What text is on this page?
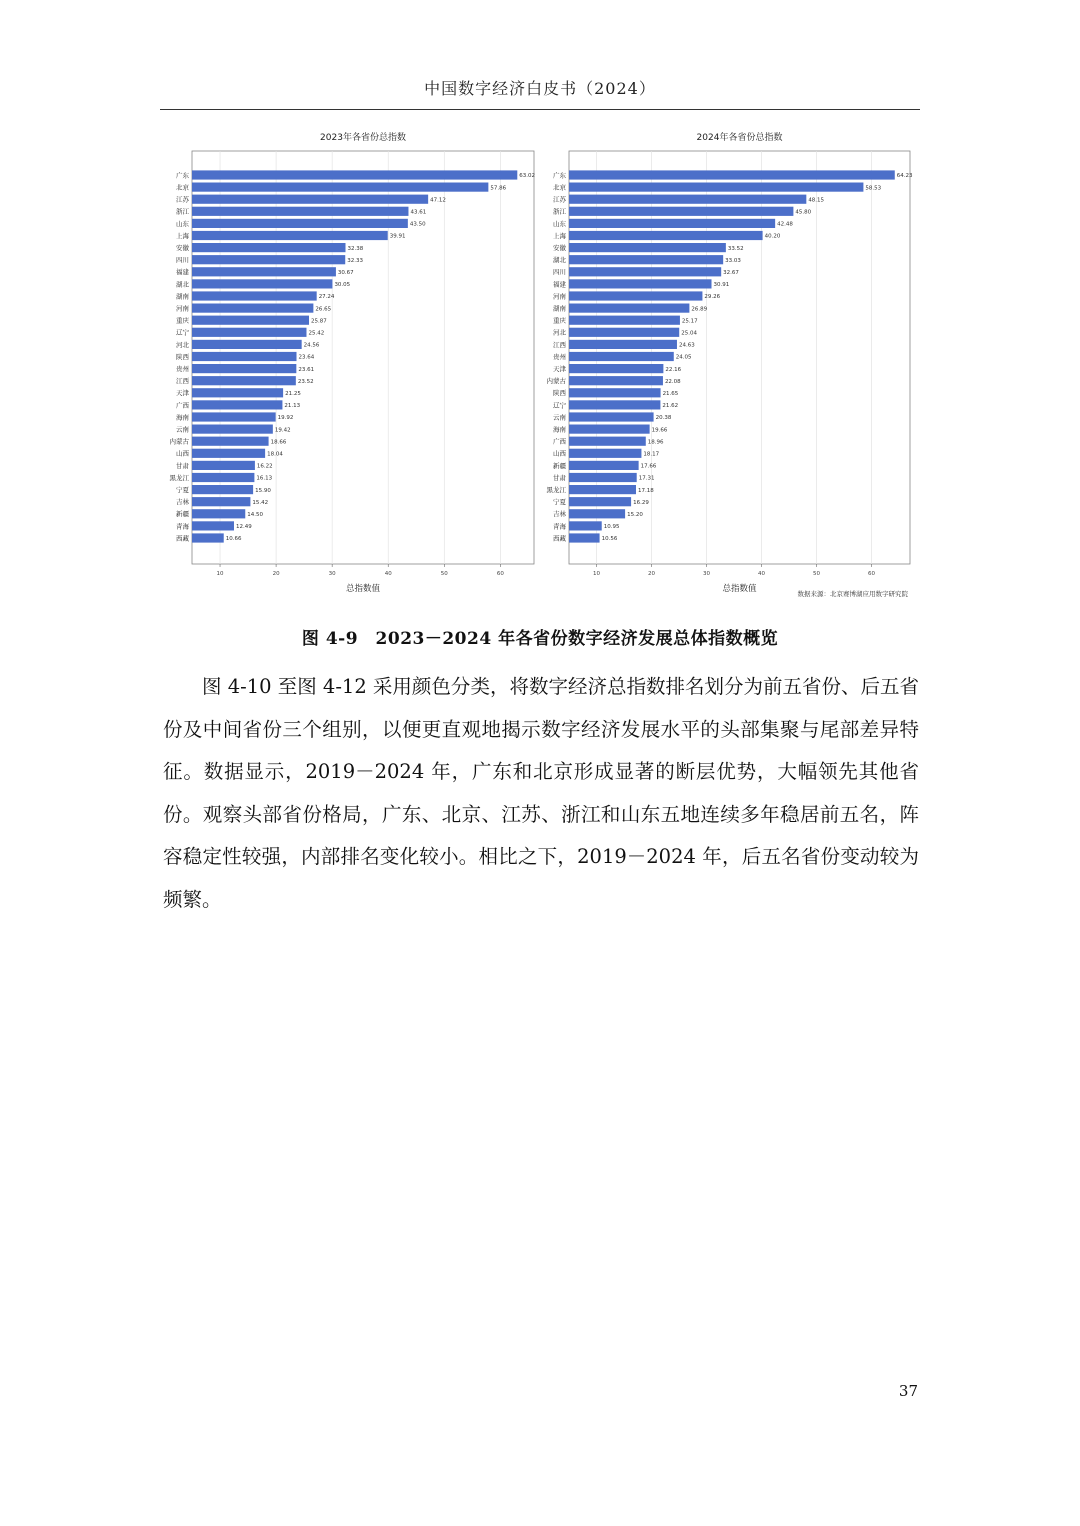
中国数字经济白皮书（2024）
2023年各省份总指数
10	20	30	40	50	60
广东	63.02
北京	57.86
江苏	47.12
浙江	43.61
山东	43.50
上海	39.91
安徽	32.38
四川	32.33
福建	30.67
湖北	30.05
湖南	27.24
河南	26.65
重庆	25.87
辽宁	25.42
河北	24.56
陕西	23.64
贵州	23.61
江西	23.52
天津	21.25
广西	21.13
海南	19.92
云南	19.42
内蒙古	18.66
山西	18.04
甘肃	16.22
黑龙江	16.13
宁夏	15.90
吉林	15.42
新疆	14.50
青海	12.49
西藏	10.66
总指数值
2024年各省份总指数
10	20	30	40	50	60
广东	64.23
北京	58.53
江苏	48.15
浙江	45.80
山东	42.48
上海	40.20
安徽	33.52
湖北	33.03
四川	32.67
福建	30.91
河南	29.26
湖南	26.89
重庆	25.17
河北	25.04
江西	24.63
贵州	24.05
天津	22.16
内蒙古	22.08
陕西	21.65
辽宁	21.62
云南	20.38
海南	19.66
广西	18.96
山西	18.17
新疆	17.66
甘肃	17.31
黑龙江	17.18
宁夏	16.29
吉林	15.20
青海	10.95
西藏	10.56
总指数值	数据来源：北京赛博湖应用数字研究院
图 4-9　2023－2024 年各省份数字经济发展总体指数概览

图 4-10 至图 4-12 采用颜色分类，将数字经济总指数排名划分为前五省份、后五省份及中间省份三个组别，以便更直观地揭示数字经济发展水平的头部集聚与尾部差异特征。数据显示，2019－2024 年，广东和北京形成显著的断层优势，大幅领先其他省份。观察头部省份格局，广东、北京、江苏、浙江和山东五地连续多年稳居前五名，阵容稳定性较强，内部排名变化较小。相比之下，2019－2024 年，后五名省份变动较为频繁。

37
